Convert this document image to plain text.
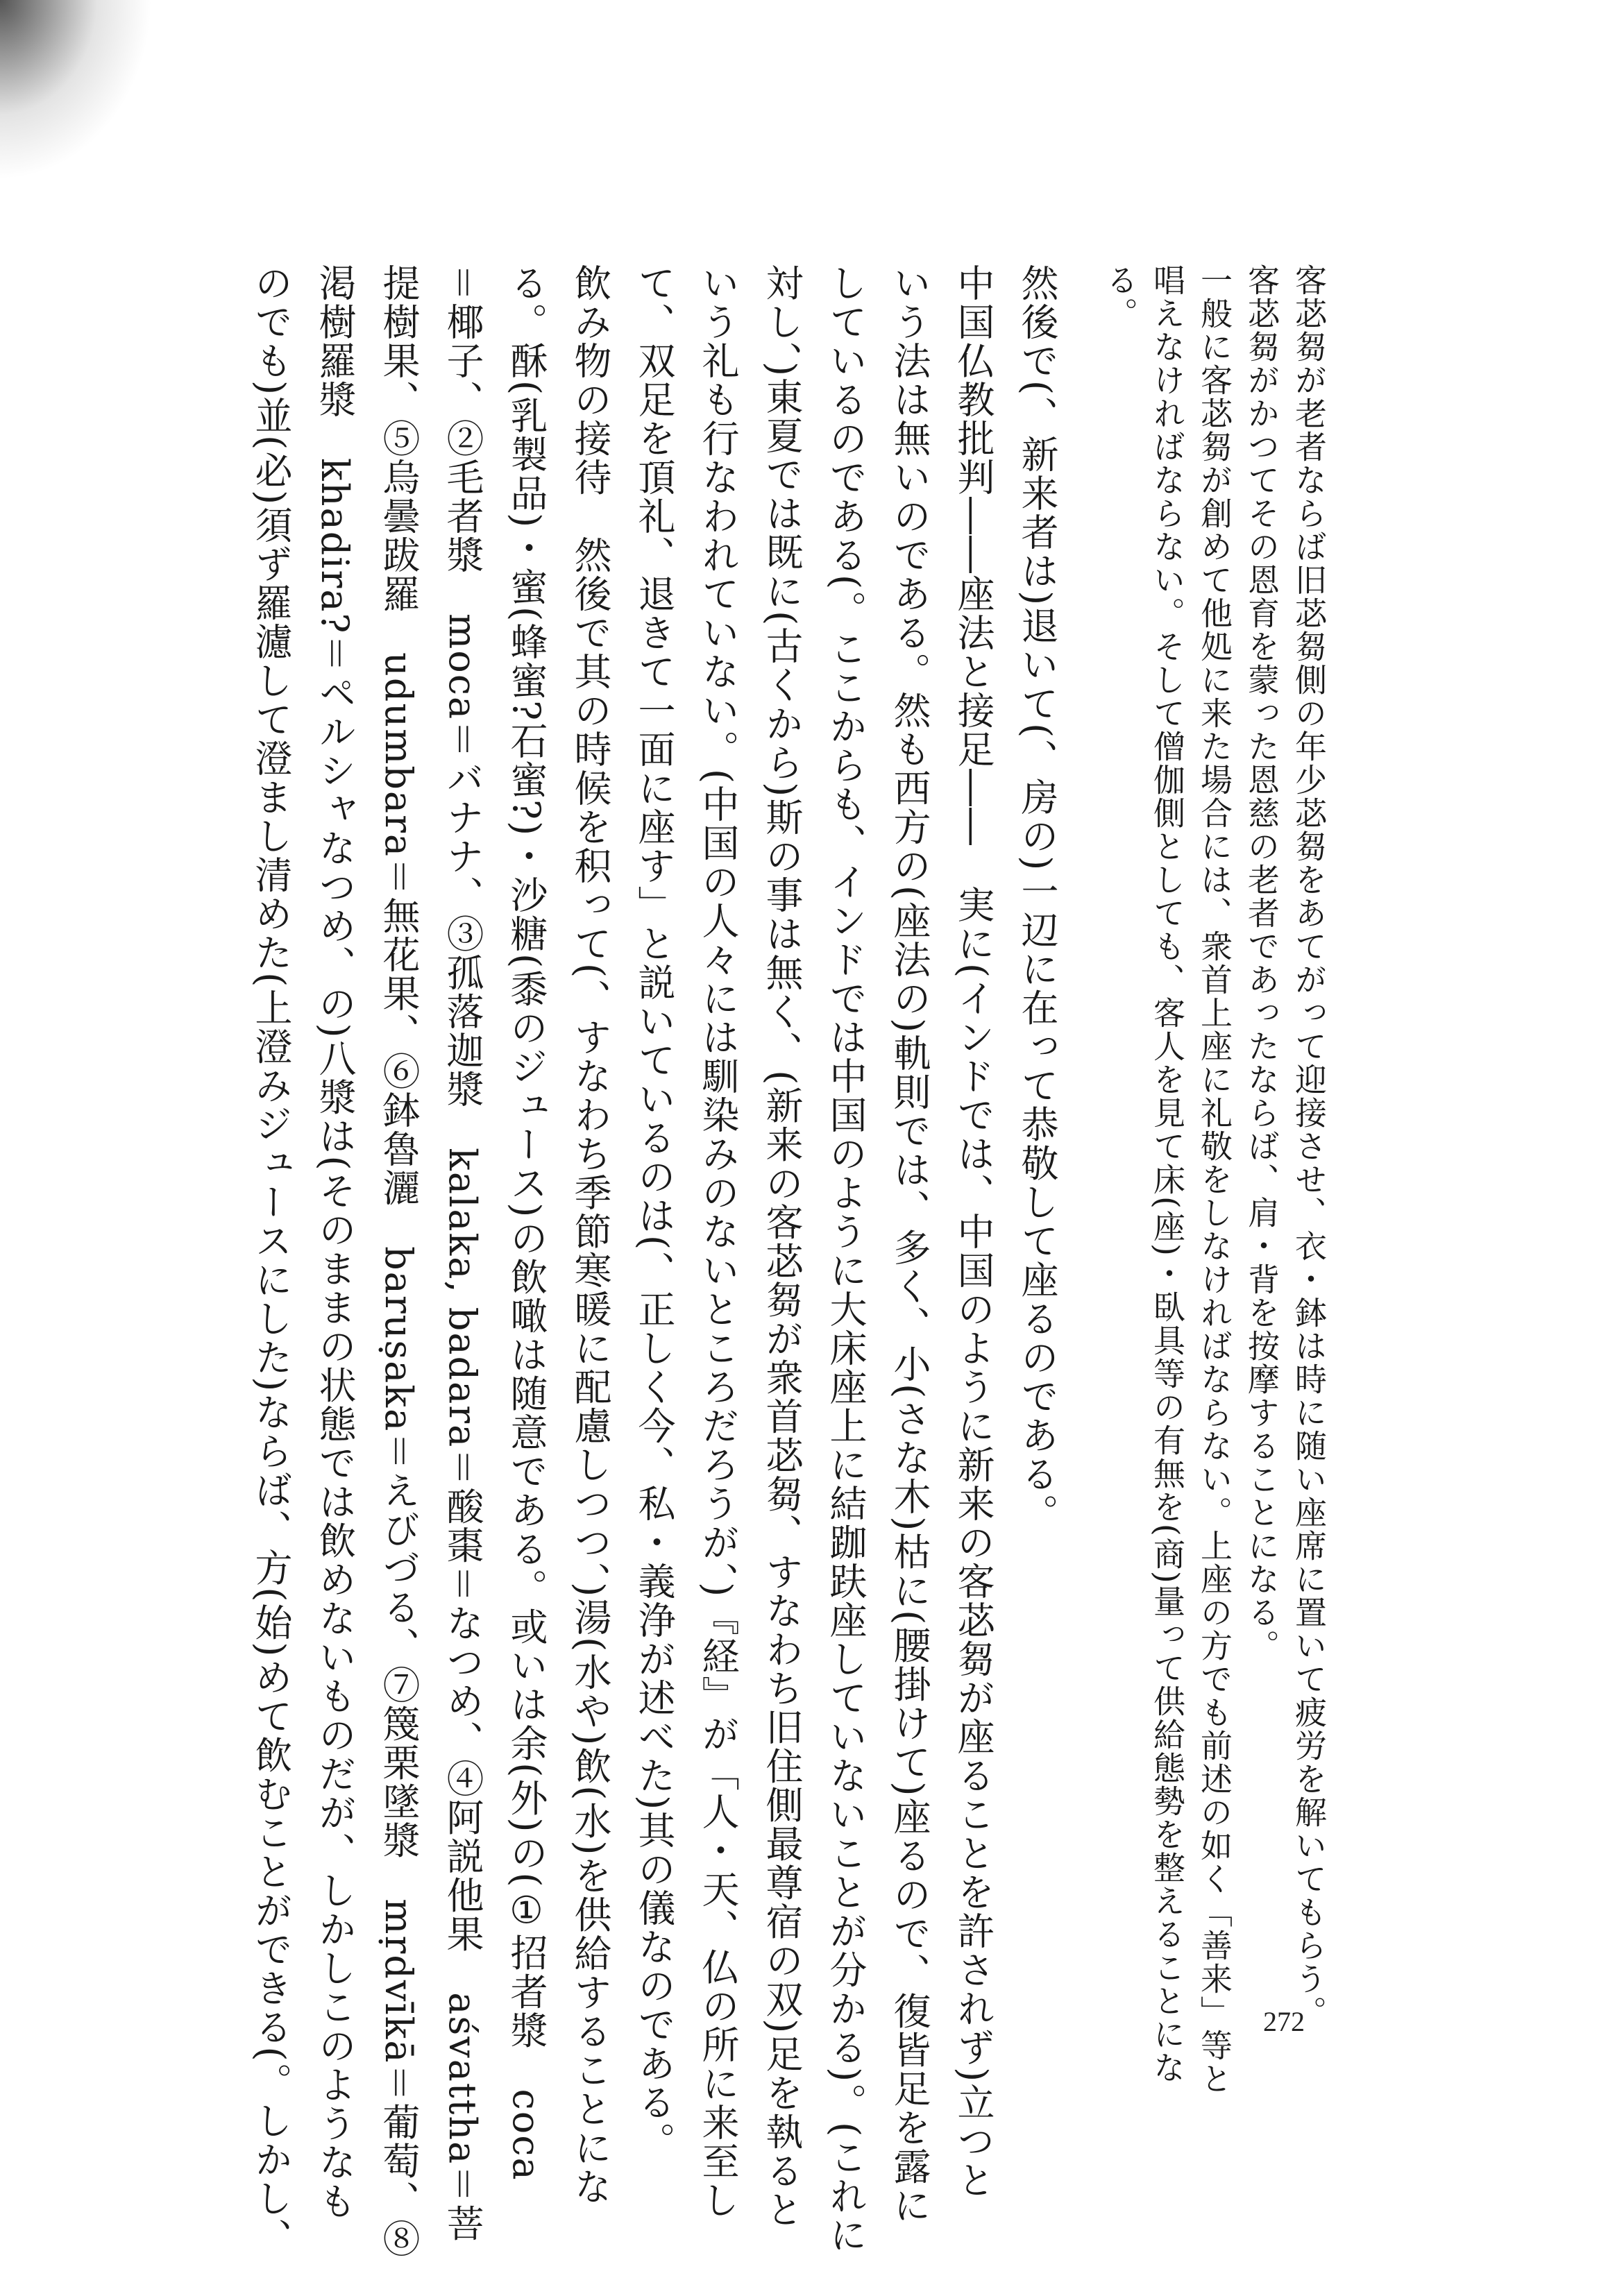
客苾芻が老者ならば旧苾芻側の年少苾芻をあてがって迎接させ、衣・鉢は時に随い座席に置いて疲労を解いてもらう。
客苾芻がかつてその恩育を蒙った恩慈の老者であったならば、肩・背を按摩することになる。
一般に客苾芻が創めて他処に来た場合には、衆首上座に礼敬をしなければならない。上座の方でも前述の如く「善来」等と
唱えなければならない。そして僧伽側としても、客人を見て床(座)・臥具等の有無を(商)量って供給態勢を整えることにな
る。
然後で(、新来者は)退いて(、房の)一辺に在って恭敬して座るのである。
中国仏教批判――座法と接足――　実に(インドでは、中国のように新来の客苾芻が座ることを許されず)立つと
いう法は無いのである。然も西方の(座法の)軌則では、多く、小(さな木)枯に(腰掛けて)座るので、復皆足を露に
しているのである(。ここからも、インドでは中国のように大床座上に結跏趺座していないことが分かる)。(これに
対し、)東夏では既に(古くから)斯の事は無く、(新来の客苾芻が衆首苾芻、すなわち旧住側最尊宿の双)足を執ると
いう礼も行なわれていない。(中国の人々には馴染みのないところだろうが、)『経』が「人・天、仏の所に来至し
て、双足を頂礼、退きて一面に座す」と説いているのは(、正しく今、私・義浄が述べた)其の儀なのである。
飲み物の接待　然後で其の時候を积って(、すなわち季節寒暖に配慮しつつ、)湯(水や)飲(水)を供給することにな
る。酥(乳製品)・蜜(蜂蜜?石蜜?)・沙糖(黍のジュース)の飲噉は随意である。或いは余(外)の(①招者漿　coca
＝椰子、②毛者漿　moca＝バナナ、③孤落迦漿　kalaka, badara＝酸棗＝なつめ、④阿説他果　aśvattha＝菩
提樹果、⑤烏曇跋羅　udumbara＝無花果、⑥鉢魯灑　baruṣaka＝えびづる、⑦篾栗墜漿　mṛdvīkā＝葡萄、⑧
渇樹羅漿　khadira?＝ペルシャなつめ、の)八漿は(そのままの状態では飲めないものだが、しかしこのようなも
のでも)並(必)須ず羅濾して澄まし清めた(上澄みジュースにした)ならば、方(始)めて飲むことができる(。しかし、	272
